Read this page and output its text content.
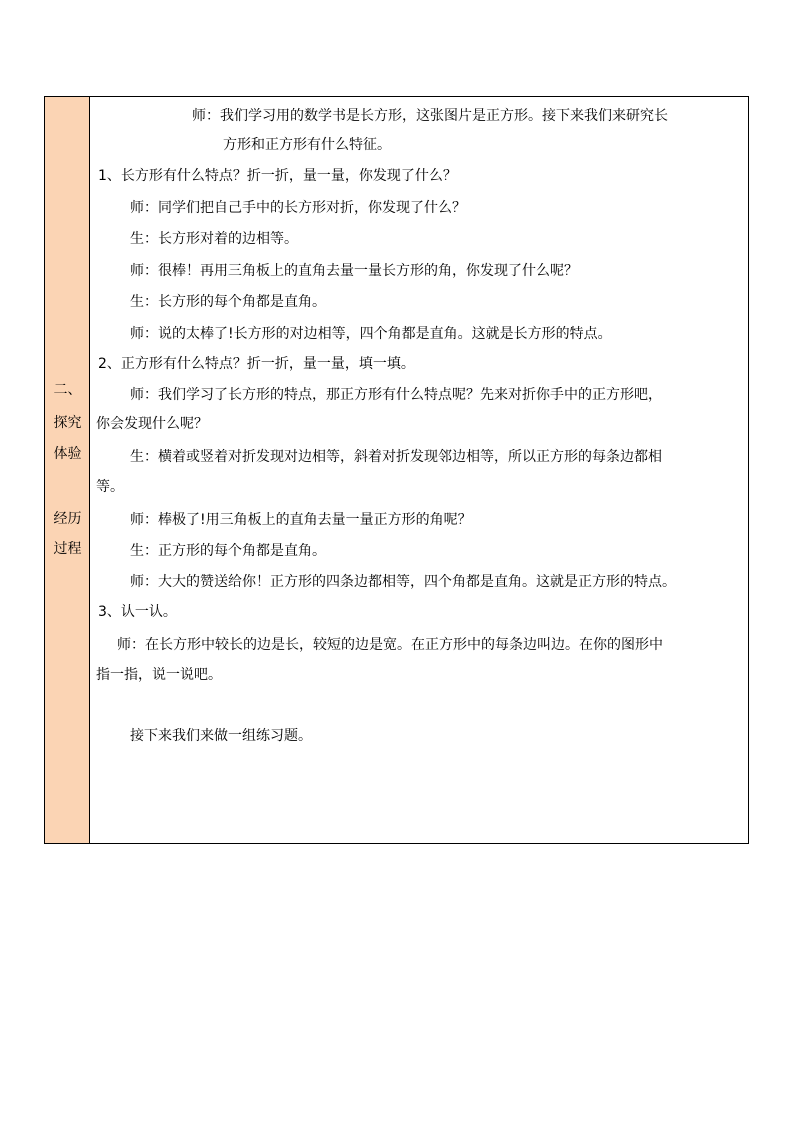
二、
探究
体验
经历
过程
师：我们学习用的数学书是长方形，这张图片是正方形。接下来我们来研究长
方形和正方形有什么特征。
1、长方形有什么特点？折一折，量一量，你发现了什么？
师：同学们把自己手中的长方形对折，你发现了什么？
生：长方形对着的边相等。
师：很棒！再用三角板上的直角去量一量长方形的角，你发现了什么呢？
生：长方形的每个角都是直角。
师：说的太棒了!长方形的对边相等，四个角都是直角。这就是长方形的特点。
2、正方形有什么特点？折一折，量一量，填一填。
师：我们学习了长方形的特点，那正方形有什么特点呢？先来对折你手中的正方形吧，
你会发现什么呢？
生：横着或竖着对折发现对边相等，斜着对折发现邻边相等，所以正方形的每条边都相
等。
师：棒极了!用三角板上的直角去量一量正方形的角呢？
生：正方形的每个角都是直角。
师：大大的赞送给你！正方形的四条边都相等，四个角都是直角。这就是正方形的特点。
3、认一认。
师：在长方形中较长的边是长，较短的边是宽。在正方形中的每条边叫边。在你的图形中
指一指，说一说吧。
接下来我们来做一组练习题。
